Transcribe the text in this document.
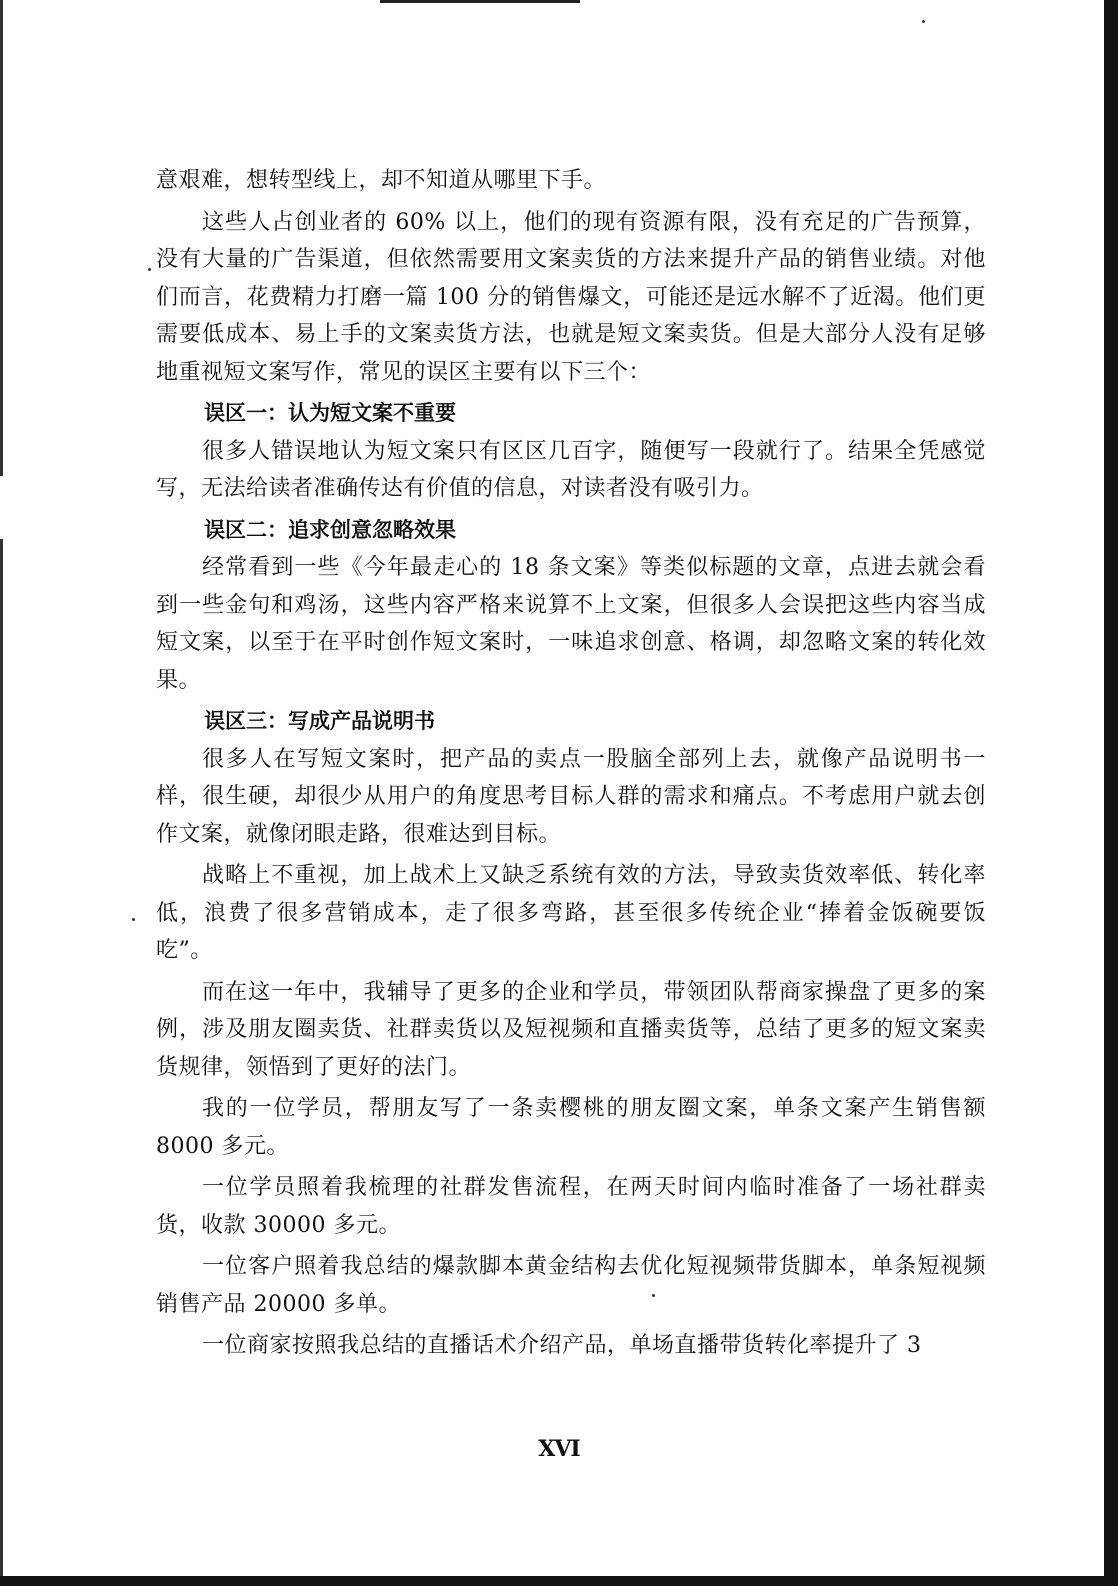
意艰难，想转型线上，却不知道从哪里下手。

这些人占创业者的 60% 以上，他们的现有资源有限，没有充足的广告预算，没有大量的广告渠道，但依然需要用文案卖货的方法来提升产品的销售业绩。对他们而言，花费精力打磨一篇 100 分的销售爆文，可能还是远水解不了近渴。他们更需要低成本、易上手的文案卖货方法，也就是短文案卖货。但是大部分人没有足够地重视短文案写作，常见的误区主要有以下三个：

误区一：认为短文案不重要

很多人错误地认为短文案只有区区几百字，随便写一段就行了。结果全凭感觉写，无法给读者准确传达有价值的信息，对读者没有吸引力。

误区二：追求创意忽略效果

经常看到一些《今年最走心的 18 条文案》等类似标题的文章，点进去就会看到一些金句和鸡汤，这些内容严格来说算不上文案，但很多人会误把这些内容当成短文案，以至于在平时创作短文案时，一味追求创意、格调，却忽略文案的转化效果。

误区三：写成产品说明书

很多人在写短文案时，把产品的卖点一股脑全部列上去，就像产品说明书一样，很生硬，却很少从用户的角度思考目标人群的需求和痛点。不考虑用户就去创作文案，就像闭眼走路，很难达到目标。

战略上不重视，加上战术上又缺乏系统有效的方法，导致卖货效率低、转化率低，浪费了很多营销成本，走了很多弯路，甚至很多传统企业“捧着金饭碗要饭吃”。

而在这一年中，我辅导了更多的企业和学员，带领团队帮商家操盘了更多的案例，涉及朋友圈卖货、社群卖货以及短视频和直播卖货等，总结了更多的短文案卖货规律，领悟到了更好的法门。

我的一位学员，帮朋友写了一条卖樱桃的朋友圈文案，单条文案产生销售额 8000 多元。

一位学员照着我梳理的社群发售流程，在两天时间内临时准备了一场社群卖货，收款 30000 多元。

一位客户照着我总结的爆款脚本黄金结构去优化短视频带货脚本，单条短视频销售产品 20000 多单。

一位商家按照我总结的直播话术介绍产品，单场直播带货转化率提升了 3

XVI
